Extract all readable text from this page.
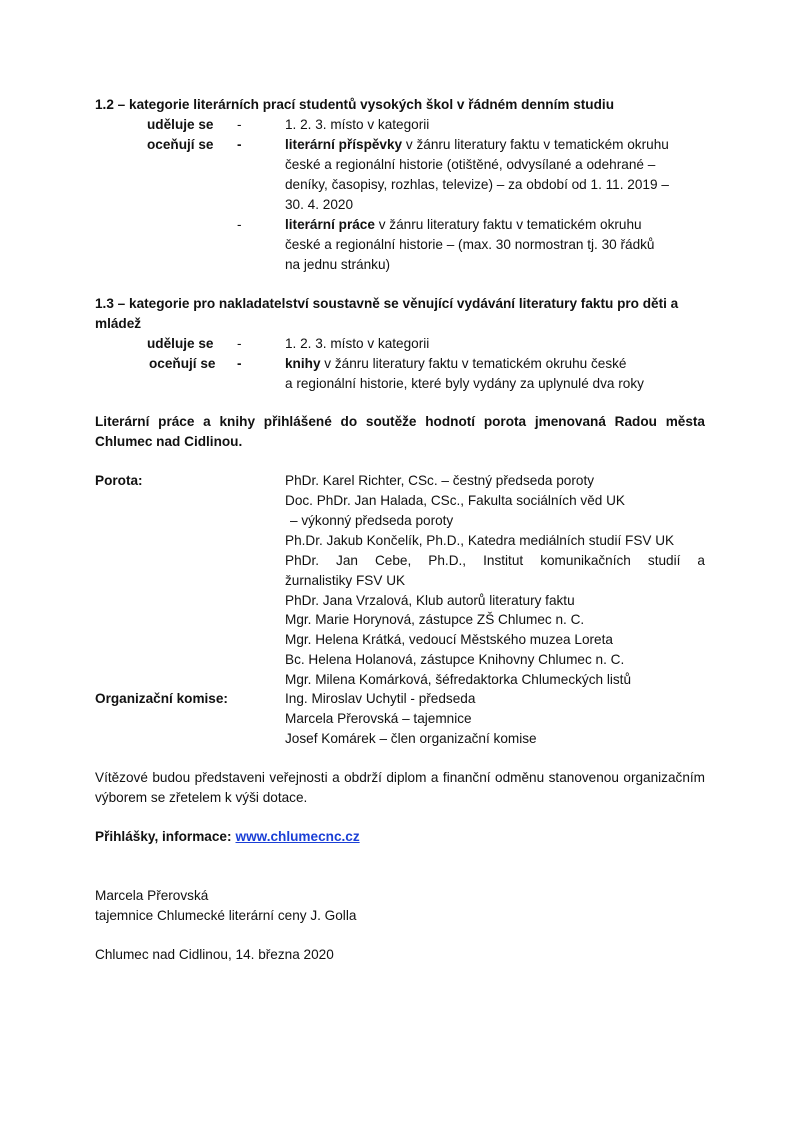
1.2 – kategorie literárních prací studentů vysokých škol v řádném denním studiu
uděluje se -	1. 2. 3. místo v kategorii
oceňují se -	literární příspěvky v žánru literatury faktu v tematickém okruhu
české a regionální historie (otištěné, odvysílané a odehrané –
deníky, časopisy, rozhlas, televize) – za období od 1. 11. 2019 –
30. 4. 2020
-	literární práce v žánru literatury faktu v tematickém okruhu
české a regionální historie – (max. 30 normostran tj. 30 řádků
na jednu stránku)
1.3 – kategorie pro nakladatelství soustavně se věnující vydávání literatury faktu pro děti a mládež
uděluje se -	1. 2. 3. místo v kategorii
oceňují se -	knihy v žánru literatury faktu v tematickém okruhu české
a regionální historie, které byly vydány za uplynulé dva roky
Literární práce a knihy přihlášené do soutěže hodnotí porota jmenovaná Radou města Chlumec nad Cidlinou.
Porota:	PhDr. Karel Richter, CSc. – čestný předseda poroty
Doc. PhDr. Jan Halada, CSc., Fakulta sociálních věd UK
– výkonný předseda poroty
Ph.Dr. Jakub Končelík, Ph.D., Katedra mediálních studií FSV UK
PhDr. Jan Cebe, Ph.D., Institut komunikačních studií a
žurnalistiky FSV UK
PhDr. Jana Vrzalová, Klub autorů literatury faktu
Mgr. Marie Horynová, zástupce ZŠ Chlumec n. C.
Mgr. Helena Krátká, vedoucí Městského muzea Loreta
Bc. Helena Holanová, zástupce Knihovny Chlumec n. C.
Mgr. Milena Komárková, šéfredaktorka Chlumeckých listů
Organizační komise:	Ing. Miroslav Uchytil - předseda
Marcela Přerovská – tajemnice
Josef Komárek – člen organizační komise
Vítězové budou představeni veřejnosti a obdrží diplom a finanční odměnu stanovenou organizačním výborem se zřetelem k výši dotace.
Přihlášky, informace: www.chlumecnc.cz
Marcela Přerovská
tajemnice Chlumecké literární ceny J. Golla
Chlumec nad Cidlinou, 14. března 2020
